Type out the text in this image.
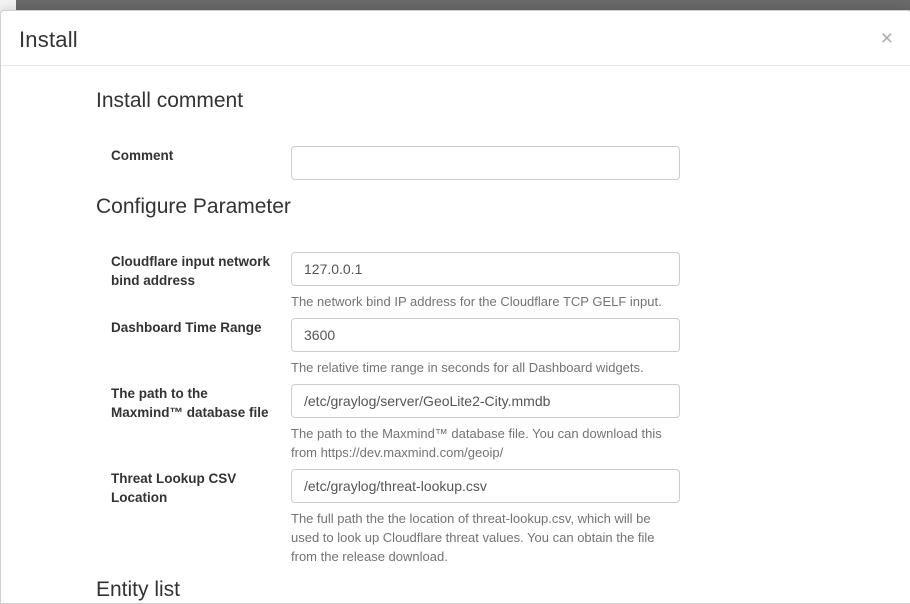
Install	×
Install comment
Comment
Configure Parameter
Cloudflare input network bind address
127.0.0.1
The network bind IP address for the Cloudflare TCP GELF input.
Dashboard Time Range
3600
The relative time range in seconds for all Dashboard widgets.
The path to the Maxmind™ database file
/etc/graylog/server/GeoLite2-City.mmdb
The path to the Maxmind™ database file. You can download this from https://dev.maxmind.com/geoip/
Threat Lookup CSV Location
/etc/graylog/threat-lookup.csv
The full path the the location of threat-lookup.csv, which will be used to look up Cloudflare threat values. You can obtain the file from the release download.
Entity list
